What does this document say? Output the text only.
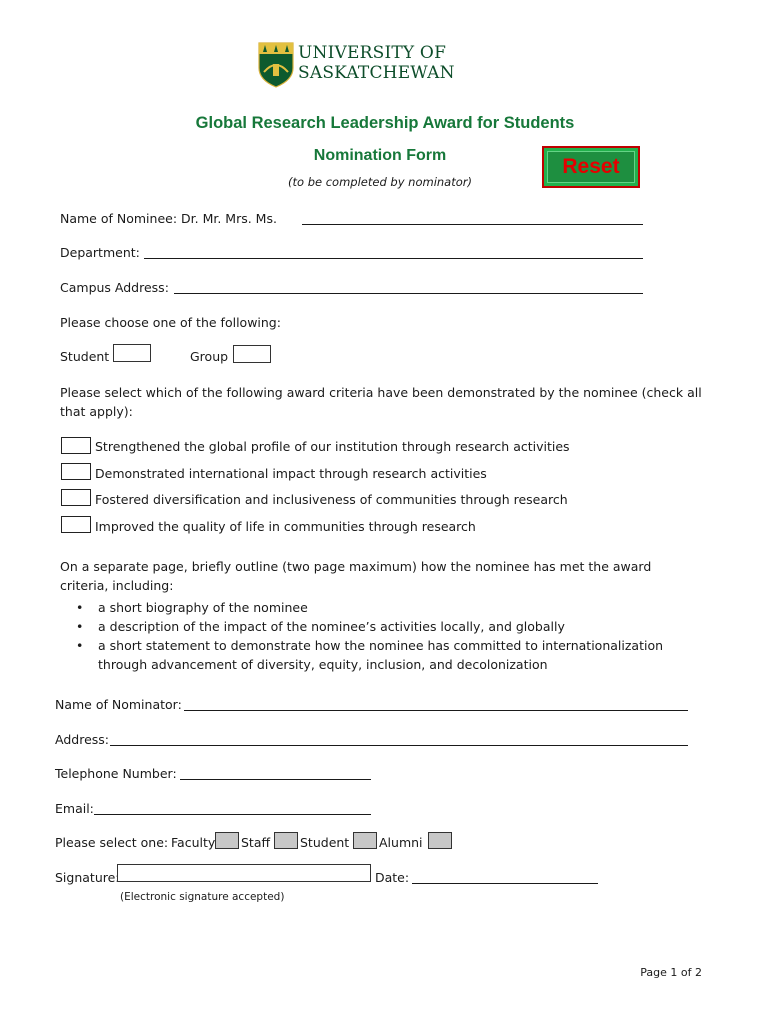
UNIVERSITY OF
SASKATCHEWAN
Global Research Leadership Award for Students
Nomination Form
(to be completed by nominator)
Reset
Name of Nominee: Dr. Mr. Mrs. Ms.
Department:
Campus Address:
Please choose one of the following:
Student	Group
Please select which of the following award criteria have been demonstrated by the nominee (check all that apply):
Strengthened the global profile of our institution through research activities
Demonstrated international impact through research activities
Fostered diversification and inclusiveness of communities through research
Improved the quality of life in communities through research
On a separate page, briefly outline (two page maximum) how the nominee has met the award criteria, including:
• a short biography of the nominee
• a description of the impact of the nominee’s activities locally, and globally
• a short statement to demonstrate how the nominee has committed to internationalization through advancement of diversity, equity, inclusion, and decolonization
Name of Nominator:
Address:
Telephone Number:
Email:
Please select one: Faculty Staff Student Alumni
Signature:	Date:
(Electronic signature accepted)
Page 1 of 2
